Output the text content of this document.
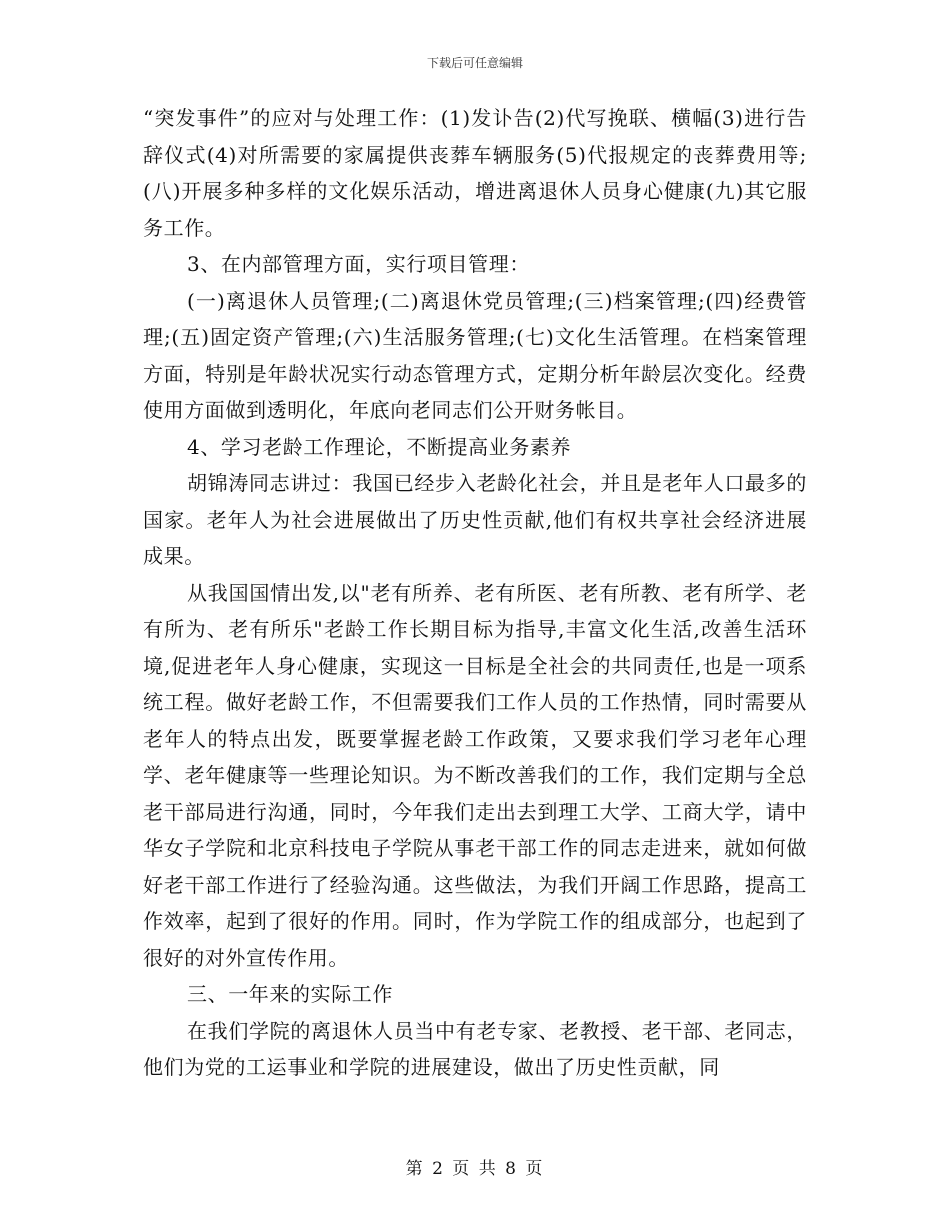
下载后可任意编辑

“突发事件”的应对与处理工作：(1)发讣告(2)代写挽联、横幅(3)进行告辞仪式(4)对所需要的家属提供丧葬车辆服务(5)代报规定的丧葬费用等;(八)开展多种多样的文化娱乐活动，增进离退休人员身心健康(九)其它服务工作。

3、在内部管理方面，实行项目管理：

(一)离退休人员管理;(二)离退休党员管理;(三)档案管理;(四)经费管理;(五)固定资产管理;(六)生活服务管理;(七)文化生活管理。在档案管理方面，特别是年龄状况实行动态管理方式，定期分析年龄层次变化。经费使用方面做到透明化，年底向老同志们公开财务帐目。

4、学习老龄工作理论，不断提高业务素养

胡锦涛同志讲过：我国已经步入老龄化社会，并且是老年人口最多的国家。老年人为社会进展做出了历史性贡献,他们有权共享社会经济进展成果。

从我国国情出发,以"老有所养、老有所医、老有所教、老有所学、老有所为、老有所乐"老龄工作长期目标为指导,丰富文化生活,改善生活环境,促进老年人身心健康，实现这一目标是全社会的共同责任,也是一项系统工程。做好老龄工作，不但需要我们工作人员的工作热情，同时需要从老年人的特点出发，既要掌握老龄工作政策，又要求我们学习老年心理学、老年健康等一些理论知识。为不断改善我们的工作，我们定期与全总老干部局进行沟通，同时，今年我们走出去到理工大学、工商大学，请中华女子学院和北京科技电子学院从事老干部工作的同志走进来，就如何做好老干部工作进行了经验沟通。这些做法，为我们开阔工作思路，提高工作效率，起到了很好的作用。同时，作为学院工作的组成部分，也起到了很好的对外宣传作用。

三、一年来的实际工作

在我们学院的离退休人员当中有老专家、老教授、老干部、老同志，他们为党的工运事业和学院的进展建设，做出了历史性贡献，同

第 2 页 共 8 页
